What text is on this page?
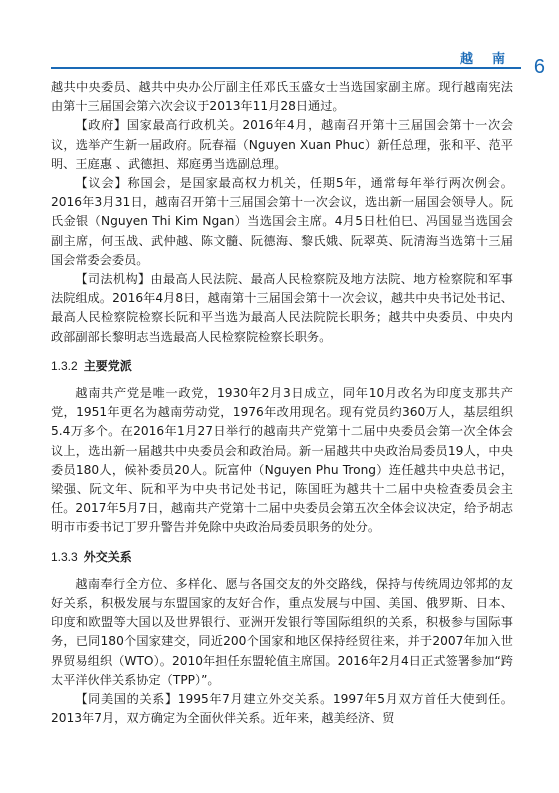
越　南 6

越共中央委员、越共中央办公厅副主任邓氏玉盛女士当选国家副主席。现行越南宪法由第十三届国会第六次会议于2013年11月28日通过。

【政府】国家最高行政机关。2016年4月，越南召开第十三届国会第十一次会议，选举产生新一届政府。阮春福（Nguyen Xuan Phuc）新任总理，张和平、范平明、王庭惠 、武德担、郑庭勇当选副总理。

【议会】称国会，是国家最高权力机关，任期5年，通常每年举行两次例会。2016年3月31日，越南召开第十三届国会第十一次会议，选出新一届国会领导人。阮氏金银（Nguyen Thi Kim Ngan）当选国会主席。4月5日杜伯巳、冯国显当选国会副主席，何玉战、武仲越、陈文髓、阮德海、黎氏娥、阮翠英、阮清海当选第十三届国会常委会委员。

【司法机构】由最高人民法院、最高人民检察院及地方法院、地方检察院和军事法院组成。2016年4月8日，越南第十三届国会第十一次会议，越共中央书记处书记、最高人民检察院检察长阮和平当选为最高人民法院院长职务；越共中央委员、中央内政部副部长黎明志当选最高人民检察院检察长职务。

1.3.2 主要党派

越南共产党是唯一政党，1930年2月3日成立，同年10月改名为印度支那共产党，1951年更名为越南劳动党，1976年改用现名。现有党员约360万人，基层组织5.4万多个。在2016年1月27日举行的越南共产党第十二届中央委员会第一次全体会议上，选出新一届越共中央委员会和政治局。新一届越共中央政治局委员19人，中央委员180人，候补委员20人。阮富仲（Nguyen Phu Trong）连任越共中央总书记，梁强、阮文年、阮和平为中央书记处书记，陈国旺为越共十二届中央检查委员会主任。2017年5月7日，越南共产党第十二届中央委员会第五次全体会议决定，给予胡志明市市委书记丁罗升警告并免除中央政治局委员职务的处分。

1.3.3 外交关系

越南奉行全方位、多样化、愿与各国交友的外交路线，保持与传统周边邻邦的友好关系，积极发展与东盟国家的友好合作，重点发展与中国、美国、俄罗斯、日本、印度和欧盟等大国以及世界银行、亚洲开发银行等国际组织的关系，积极参与国际事务，已同180个国家建交，同近200个国家和地区保持经贸往来，并于2007年加入世界贸易组织（WTO）。2010年担任东盟轮值主席国。2016年2月4日正式签署参加“跨太平洋伙伴关系协定（TPP）”。

【同美国的关系】1995年7月建立外交关系。1997年5月双方首任大使到任。2013年7月，双方确定为全面伙伴关系。近年来，越美经济、贸
